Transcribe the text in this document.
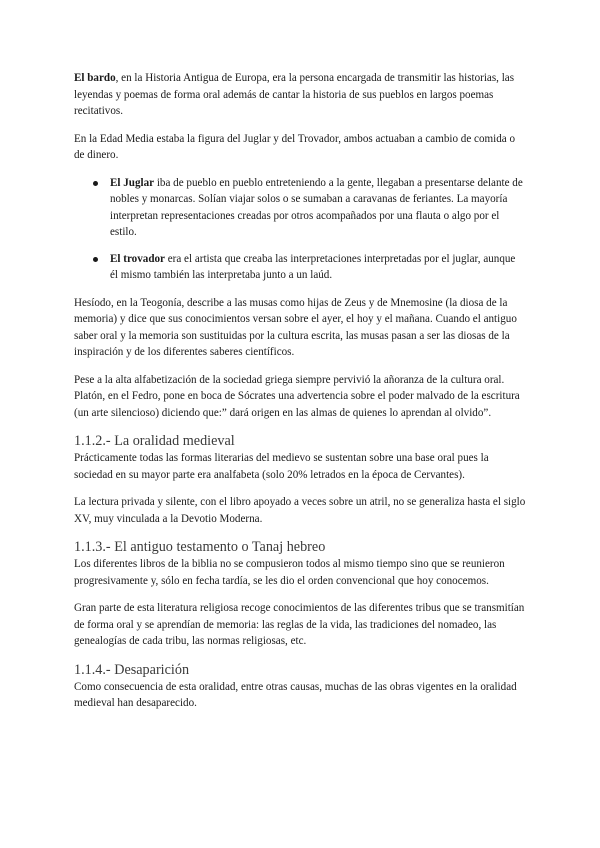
El bardo, en la Historia Antigua de Europa, era la persona encargada de transmitir las historias, las leyendas y poemas de forma oral además de cantar la historia de sus pueblos en largos poemas recitativos.

En la Edad Media estaba la figura del Juglar y del Trovador, ambos actuaban a cambio de comida o de dinero.

El Juglar iba de pueblo en pueblo entreteniendo a la gente, llegaban a presentarse delante de nobles y monarcas. Solían viajar solos o se sumaban a caravanas de feriantes. La mayoría interpretan representaciones creadas por otros acompañados por una flauta o algo por el estilo.
El trovador era el artista que creaba las interpretaciones interpretadas por el juglar, aunque él mismo también las interpretaba junto a un laúd.

Hesíodo, en la Teogonía, describe a las musas como hijas de Zeus y de Mnemosine (la diosa de la memoria) y dice que sus conocimientos versan sobre el ayer, el hoy y el mañana. Cuando el antiguo saber oral y la memoria son sustituidas por la cultura escrita, las musas pasan a ser las diosas de la inspiración y de los diferentes saberes científicos.

Pese a la alta alfabetización de la sociedad griega siempre pervivió la añoranza de la cultura oral. Platón, en el Fedro, pone en boca de Sócrates una advertencia sobre el poder malvado de la escritura (un arte silencioso) diciendo que:” dará origen en las almas de quienes lo aprendan al olvido”.

1.1.2.- La oralidad medieval

Prácticamente todas las formas literarias del medievo se sustentan sobre una base oral pues la sociedad en su mayor parte era analfabeta (solo 20% letrados en la época de Cervantes).

La lectura privada y silente, con el libro apoyado a veces sobre un atril, no se generaliza hasta el siglo XV, muy vinculada a la Devotio Moderna.

1.1.3.- El antiguo testamento o Tanaj hebreo

Los diferentes libros de la biblia no se compusieron todos al mismo tiempo sino que se reunieron progresivamente y, sólo en fecha tardía, se les dio el orden convencional que hoy conocemos.

Gran parte de esta literatura religiosa recoge conocimientos de las diferentes tribus que se transmitían de forma oral y se aprendían de memoria: las reglas de la vida, las tradiciones del nomadeo, las genealogías de cada tribu, las normas religiosas, etc.

1.1.4.- Desaparición

Como consecuencia de esta oralidad, entre otras causas, muchas de las obras vigentes en la oralidad medieval han desaparecido.
